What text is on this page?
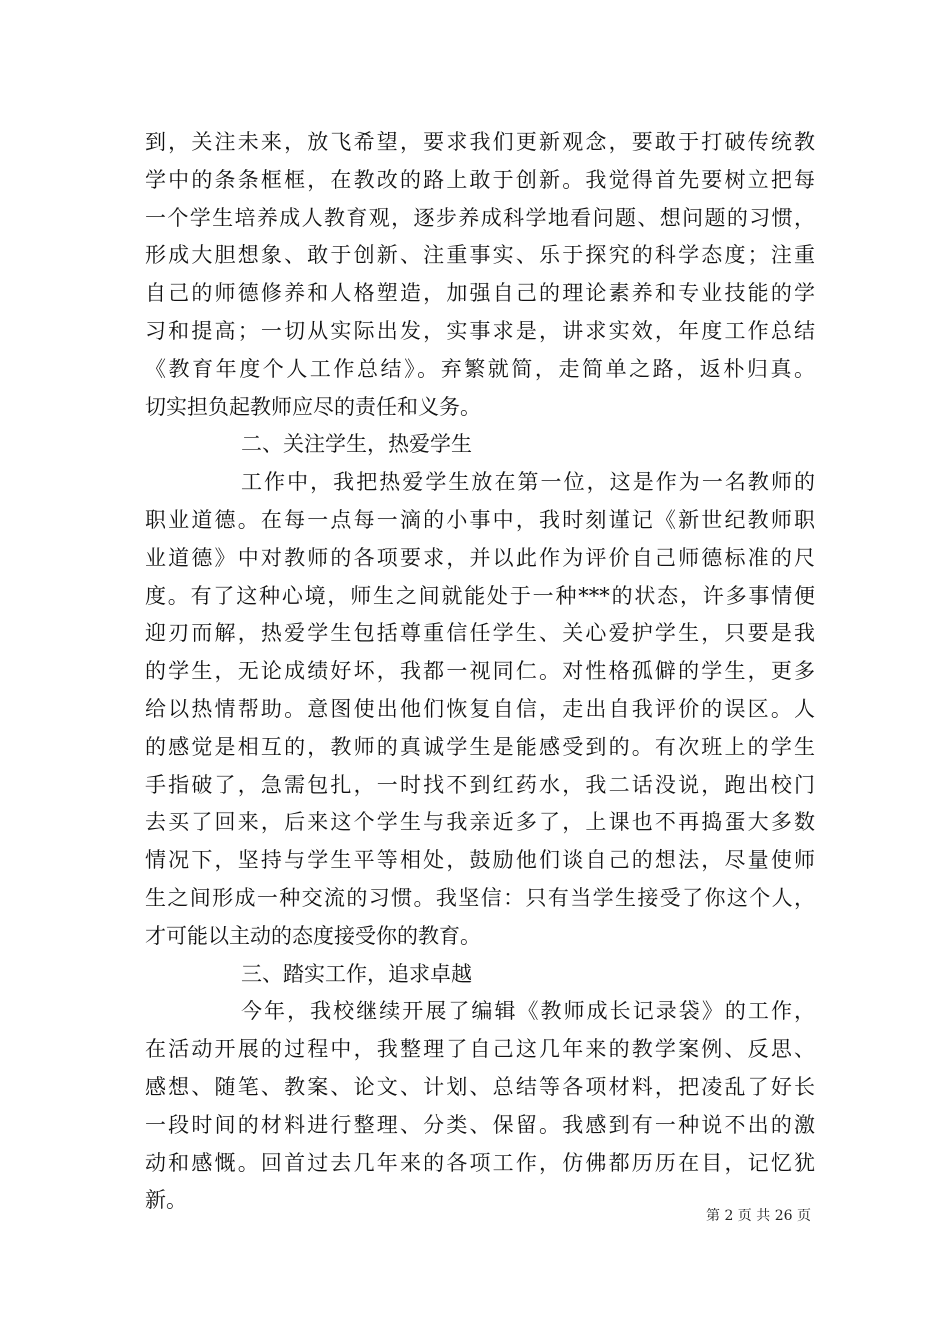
到，关注未来，放飞希望，要求我们更新观念，要敢于打破传统教
学中的条条框框，在教改的路上敢于创新。我觉得首先要树立把每
一个学生培养成人教育观，逐步养成科学地看问题、想问题的习惯，
形成大胆想象、敢于创新、注重事实、乐于探究的科学态度；注重
自己的师德修养和人格塑造，加强自己的理论素养和专业技能的学
习和提高；一切从实际出发，实事求是，讲求实效，年度工作总结
《教育年度个人工作总结》。弃繁就简，走简单之路，返朴归真。
切实担负起教师应尽的责任和义务。
二、关注学生，热爱学生
工作中，我把热爱学生放在第一位，这是作为一名教师的
职业道德。在每一点每一滴的小事中，我时刻谨记《新世纪教师职
业道德》中对教师的各项要求，并以此作为评价自己师德标准的尺
度。有了这种心境，师生之间就能处于一种***的状态，许多事情便
迎刃而解，热爱学生包括尊重信任学生、关心爱护学生，只要是我
的学生，无论成绩好坏，我都一视同仁。对性格孤僻的学生，更多
给以热情帮助。意图使出他们恢复自信，走出自我评价的误区。人
的感觉是相互的，教师的真诚学生是能感受到的。有次班上的学生
手指破了，急需包扎，一时找不到红药水，我二话没说，跑出校门
去买了回来，后来这个学生与我亲近多了，上课也不再捣蛋大多数
情况下，坚持与学生平等相处，鼓励他们谈自己的想法，尽量使师
生之间形成一种交流的习惯。我坚信：只有当学生接受了你这个人，
才可能以主动的态度接受你的教育。
三、踏实工作，追求卓越
今年，我校继续开展了编辑《教师成长记录袋》的工作，
在活动开展的过程中，我整理了自己这几年来的教学案例、反思、
感想、随笔、教案、论文、计划、总结等各项材料，把凌乱了好长
一段时间的材料进行整理、分类、保留。我感到有一种说不出的激
动和感慨。回首过去几年来的各项工作，仿佛都历历在目，记忆犹
新。
第 2 页 共 26 页
